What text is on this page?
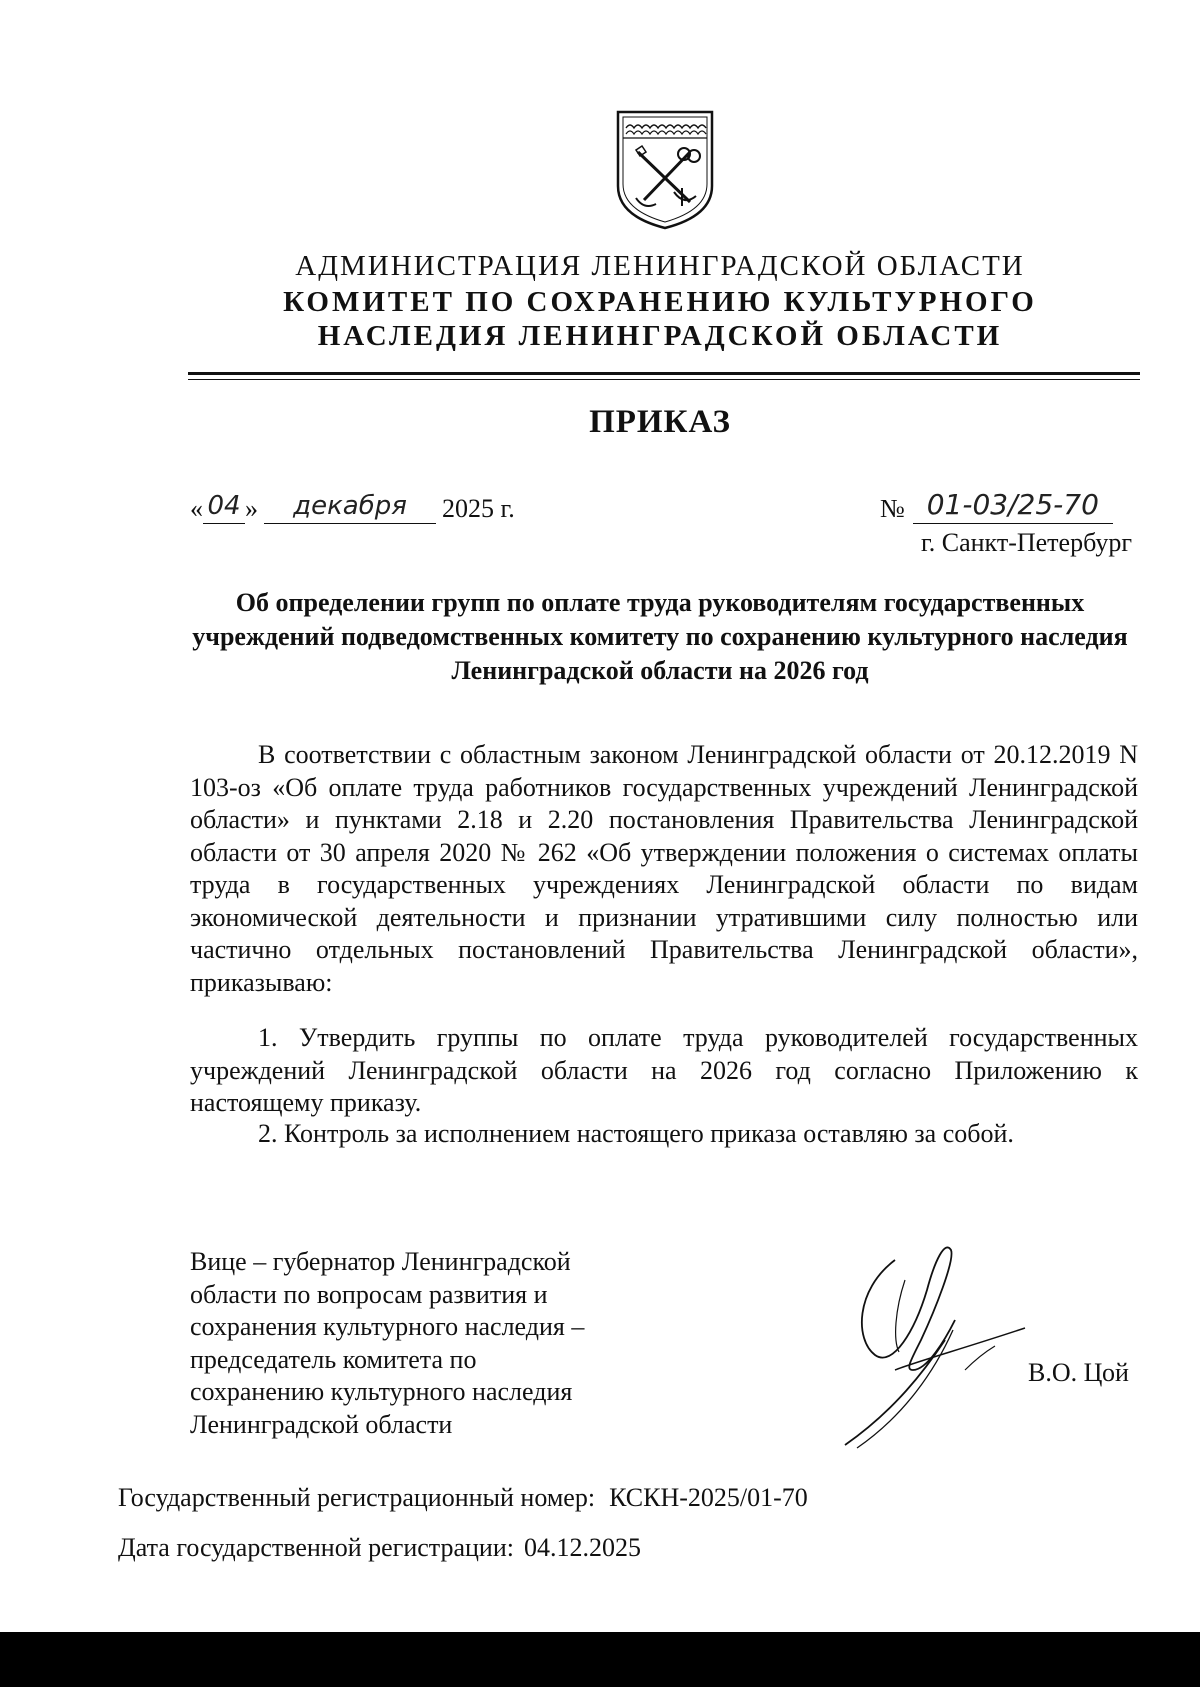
АДМИНИСТРАЦИЯ ЛЕНИНГРАДСКОЙ ОБЛАСТИ
КОМИТЕТ ПО СОХРАНЕНИЮ КУЛЬТУРНОГО
НАСЛЕДИЯ ЛЕНИНГРАДСКОЙ ОБЛАСТИ
ПРИКАЗ
« 04 »	декабря	2025 г.	№ 01-03/25-70
г. Санкт-Петербург
Об определении групп по оплате труда руководителям государственных учреждений подведомственных комитету по сохранению культурного наследия Ленинградской области на 2026 год
В соответствии с областным законом Ленинградской области от 20.12.2019 N 103-оз «Об оплате труда работников государственных учреждений Ленинградской области» и пунктами 2.18 и 2.20 постановления Правительства Ленинградской области от 30 апреля 2020 № 262 «Об утверждении положения о системах оплаты труда в государственных учреждениях Ленинградской области по видам экономической деятельности и признании утратившими силу полностью или частично отдельных постановлений Правительства Ленинградской области», приказываю:
1. Утвердить группы по оплате труда руководителей государственных учреждений Ленинградской области на 2026 год согласно Приложению к настоящему приказу.
2. Контроль за исполнением настоящего приказа оставляю за собой.
Вице – губернатор Ленинградской
области по вопросам развития и
сохранения культурного наследия –
председатель комитета по
сохранению культурного наследия
Ленинградской области
В.О. Цой
Государственный регистрационный номер: КСКН-2025/01-70
Дата государственной регистрации: 04.12.2025
